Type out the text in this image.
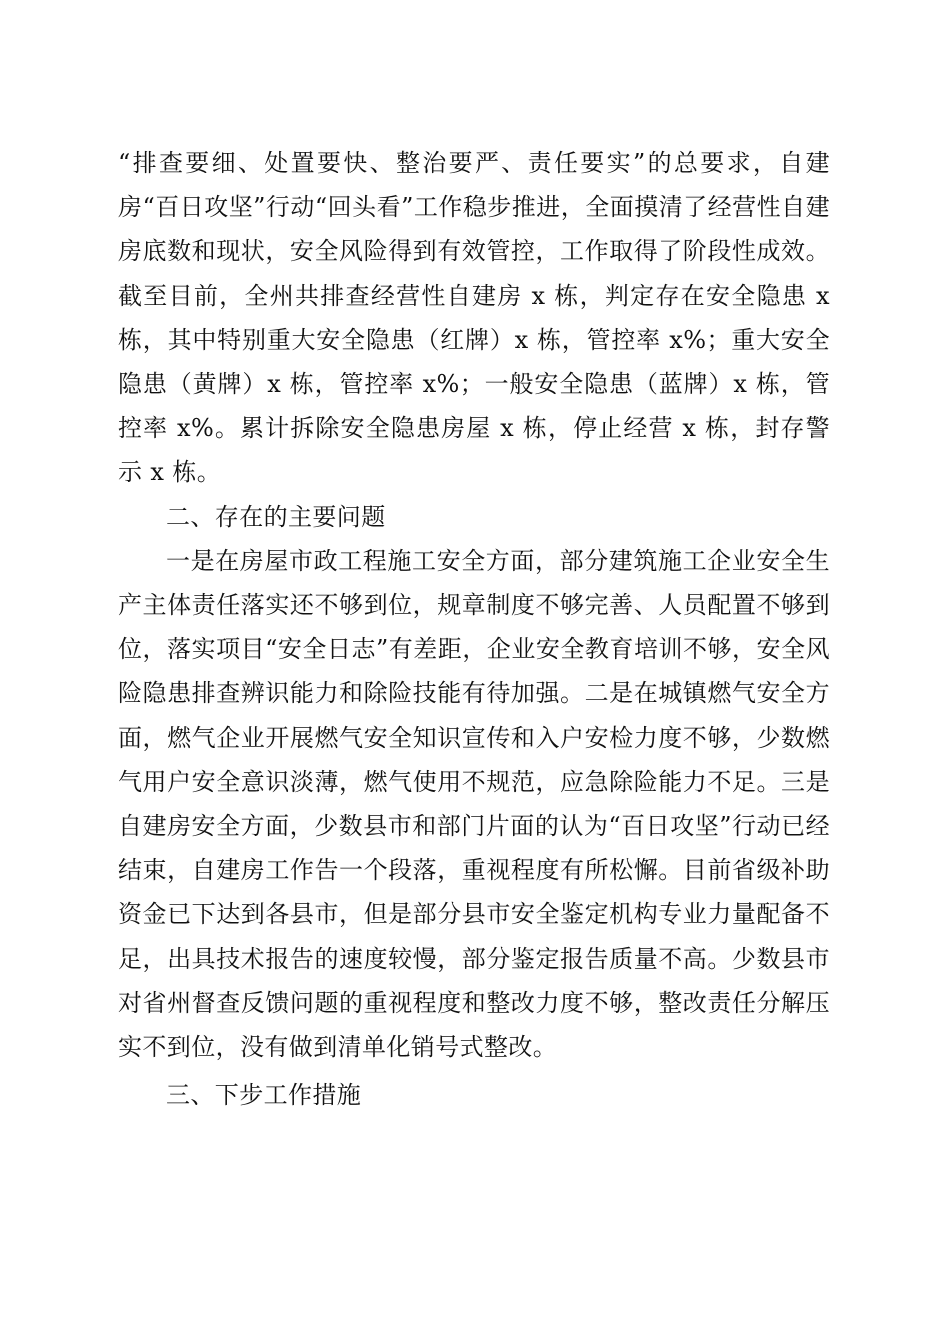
“排查要细、处置要快、整治要严、责任要实”的总要求，自建房“百日攻坚”行动“回头看”工作稳步推进，全面摸清了经营性自建房底数和现状，安全风险得到有效管控，工作取得了阶段性成效。截至目前，全州共排查经营性自建房 x 栋，判定存在安全隐患 x 栋，其中特别重大安全隐患（红牌）x 栋，管控率 x%；重大安全隐患（黄牌）x 栋，管控率 x%；一般安全隐患（蓝牌）x 栋，管控率 x%。累计拆除安全隐患房屋 x 栋，停止经营 x 栋，封存警示 x 栋。

二、存在的主要问题

一是在房屋市政工程施工安全方面，部分建筑施工企业安全生产主体责任落实还不够到位，规章制度不够完善、人员配置不够到位，落实项目“安全日志”有差距，企业安全教育培训不够，安全风险隐患排查辨识能力和除险技能有待加强。二是在城镇燃气安全方面，燃气企业开展燃气安全知识宣传和入户安检力度不够，少数燃气用户安全意识淡薄，燃气使用不规范，应急除险能力不足。三是自建房安全方面，少数县市和部门片面的认为“百日攻坚”行动已经结束，自建房工作告一个段落，重视程度有所松懈。目前省级补助资金已下达到各县市，但是部分县市安全鉴定机构专业力量配备不足，出具技术报告的速度较慢，部分鉴定报告质量不高。少数县市对省州督查反馈问题的重视程度和整改力度不够，整改责任分解压实不到位，没有做到清单化销号式整改。

三、下步工作措施
